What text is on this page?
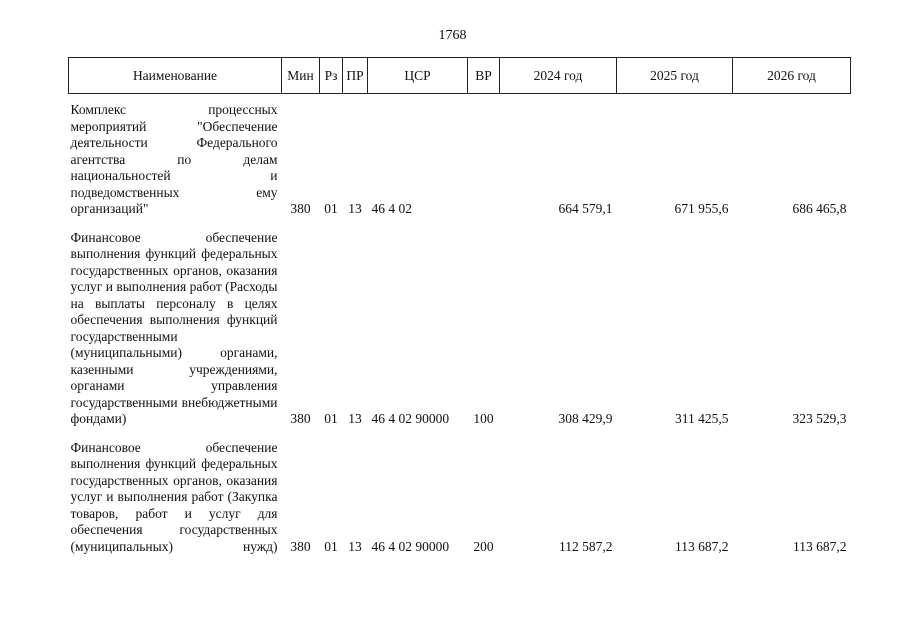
1768
Наименование	Мин	Рз	ПР	ЦСР	ВР	2024 год	2025 год	2026 год
Комплекс процессных мероприятий "Обеспечение деятельности Федерального агентства по делам национальностей и подведомственных ему организаций"	380	01	13	46 4 02		664 579,1	671 955,6	686 465,8
Финансовое обеспечение выполнения функций федеральных государственных органов, оказания услуг и выполнения работ (Расходы на выплаты персоналу в целях обеспечения выполнения функций государственными (муниципальными) органами, казенными учреждениями, органами управления государственными внебюджетными фондами)	380	01	13	46 4 02 90000	100	308 429,9	311 425,5	323 529,3
Финансовое обеспечение выполнения функций федеральных государственных органов, оказания услуг и выполнения работ (Закупка товаров, работ и услуг для обеспечения государственных (муниципальных) нужд)	380	01	13	46 4 02 90000	200	112 587,2	113 687,2	113 687,2
